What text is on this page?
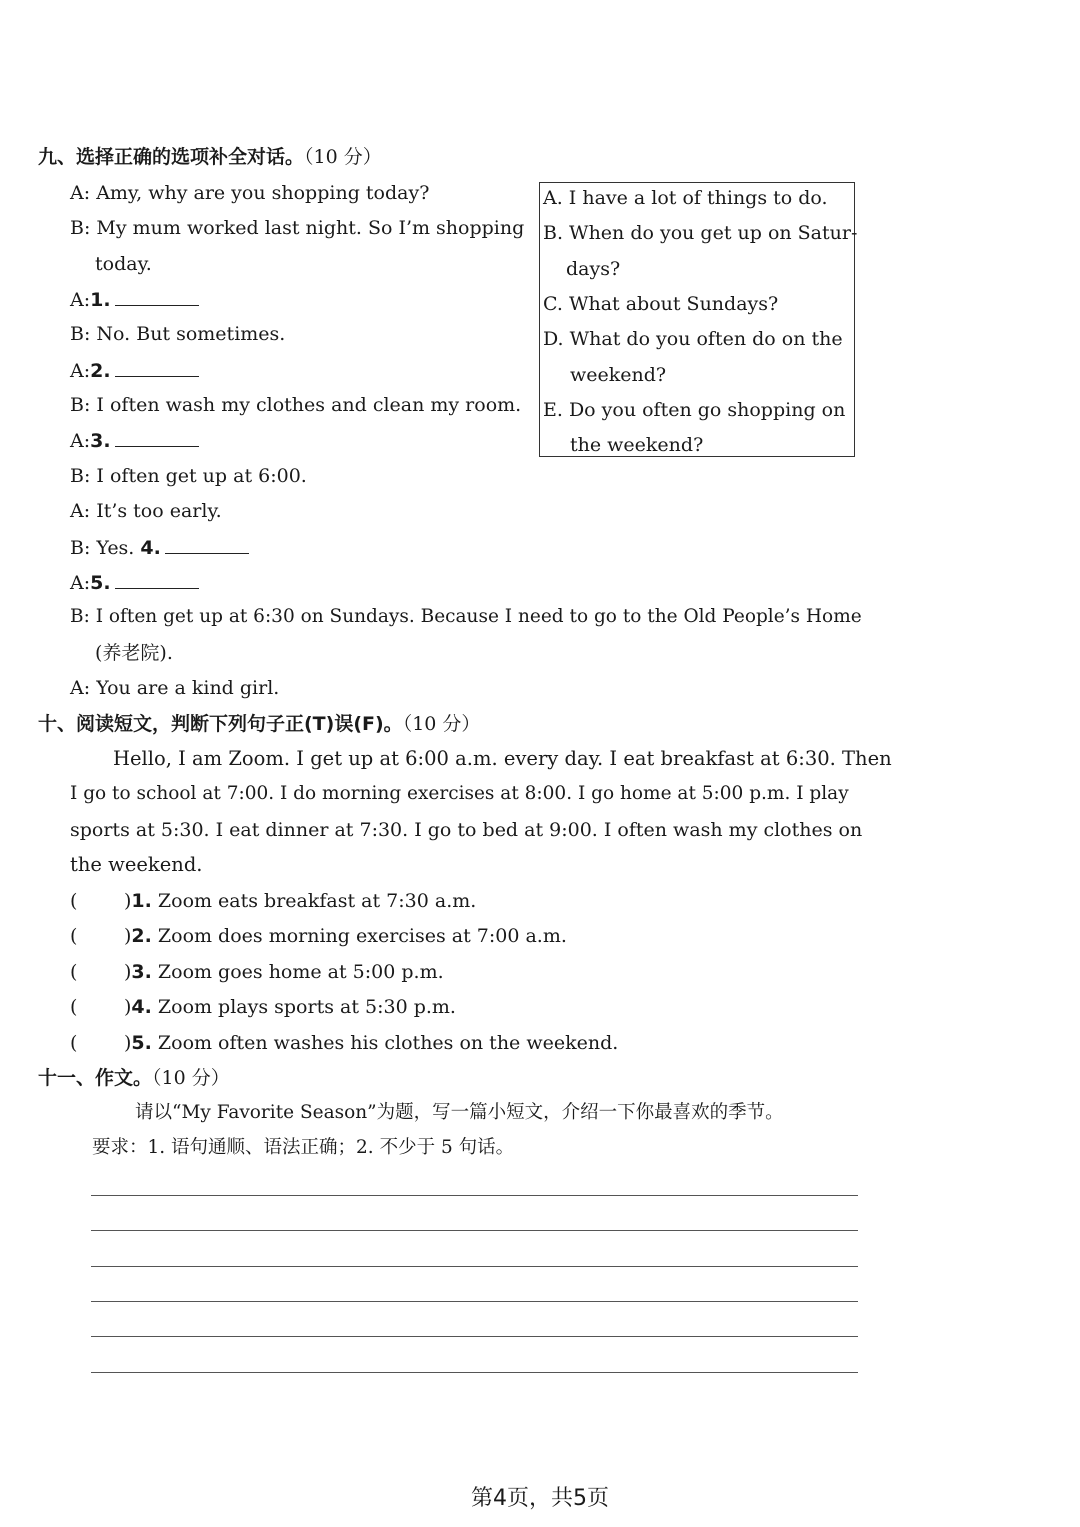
九、选择正确的选项补全对话。（10 分）
A: Amy, why are you shopping today?
B: My mum worked last night. So I’m shopping
today.
A:1.
B: No. But sometimes.
A:2.
B: I often wash my clothes and clean my room.
A:3.
B: I often get up at 6:00.
A: It’s too early.
B: Yes. 4.
A:5.
B: I often get up at 6:30 on Sundays. Because I need to go to the Old People’s Home
(养老院).
A: You are a kind girl.
A. I have a lot of things to do.
B. When do you get up on Satur-
days?
C. What about Sundays?
D. What do you often do on the
weekend?
E. Do you often go shopping on
the weekend?
十、阅读短文，判断下列句子正(T)误(F)。（10 分）
Hello, I am Zoom. I get up at 6:00 a.m. every day. I eat breakfast at 6:30. Then
I go to school at 7:00. I do morning exercises at 8:00. I go home at 5:00 p.m. I play
sports at 5:30. I eat dinner at 7:30. I go to bed at 9:00. I often wash my clothes on
the weekend.
( )1. Zoom eats breakfast at 7:30 a.m.
( )2. Zoom does morning exercises at 7:00 a.m.
( )3. Zoom goes home at 5:00 p.m.
( )4. Zoom plays sports at 5:30 p.m.
( )5. Zoom often washes his clothes on the weekend.
十一、作文。（10 分）
请以“My Favorite Season”为题，写一篇小短文，介绍一下你最喜欢的季节。
要求：1. 语句通顺、语法正确；2. 不少于 5 句话。
第4页，共5页
